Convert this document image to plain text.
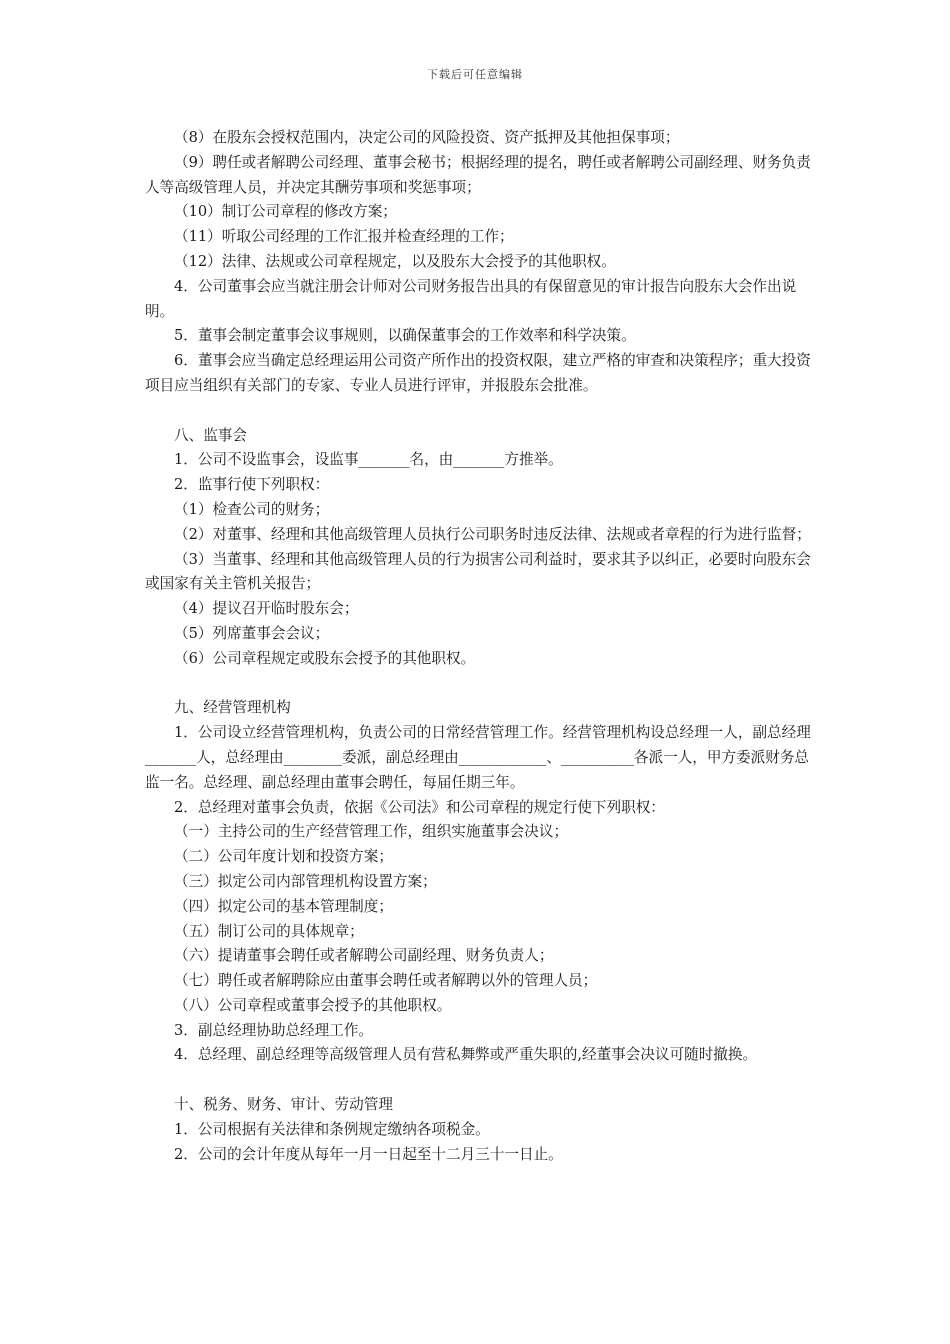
下载后可任意编辑

（8）在股东会授权范围内，决定公司的风险投资、资产抵押及其他担保事项；

（9）聘任或者解聘公司经理、董事会秘书；根据经理的提名，聘任或者解聘公司副经理、财务负责人等高级管理人员，并决定其酬劳事项和奖惩事项；

（10）制订公司章程的修改方案；

（11）听取公司经理的工作汇报并检查经理的工作；

（12）法律、法规或公司章程规定，以及股东大会授予的其他职权。

4．公司董事会应当就注册会计师对公司财务报告出具的有保留意见的审计报告向股东大会作出说明。

5．董事会制定董事会议事规则，以确保董事会的工作效率和科学决策。

6．董事会应当确定总经理运用公司资产所作出的投资权限，建立严格的审查和决策程序；重大投资项目应当组织有关部门的专家、专业人员进行评审，并报股东会批准。

八、监事会

1．公司不设监事会，设监事_______名，由_______方推举。

2．监事行使下列职权：

（1）检查公司的财务；

（2）对董事、经理和其他高级管理人员执行公司职务时违反法律、法规或者章程的行为进行监督；

（3）当董事、经理和其他高级管理人员的行为损害公司利益时，要求其予以纠正，必要时向股东会或国家有关主管机关报告；

（4）提议召开临时股东会；

（5）列席董事会会议；

（6）公司章程规定或股东会授予的其他职权。

九、经营管理机构

1．公司设立经营管理机构，负责公司的日常经营管理工作。经营管理机构设总经理一人，副总经理_______人，总经理由________委派，副总经理由____________、__________各派一人，甲方委派财务总监一名。总经理、副总经理由董事会聘任，每届任期三年。

2．总经理对董事会负责，依据《公司法》和公司章程的规定行使下列职权：

（一）主持公司的生产经营管理工作，组织实施董事会决议；

（二）公司年度计划和投资方案；

（三）拟定公司内部管理机构设置方案；

（四）拟定公司的基本管理制度；

（五）制订公司的具体规章；

（六）提请董事会聘任或者解聘公司副经理、财务负责人；

（七）聘任或者解聘除应由董事会聘任或者解聘以外的管理人员；

（八）公司章程或董事会授予的其他职权。

3．副总经理协助总经理工作。

4．总经理、副总经理等高级管理人员有营私舞弊或严重失职的,经董事会决议可随时撤换。

十、税务、财务、审计、劳动管理

1．公司根据有关法律和条例规定缴纳各项税金。

2．公司的会计年度从每年一月一日起至十二月三十一日止。
